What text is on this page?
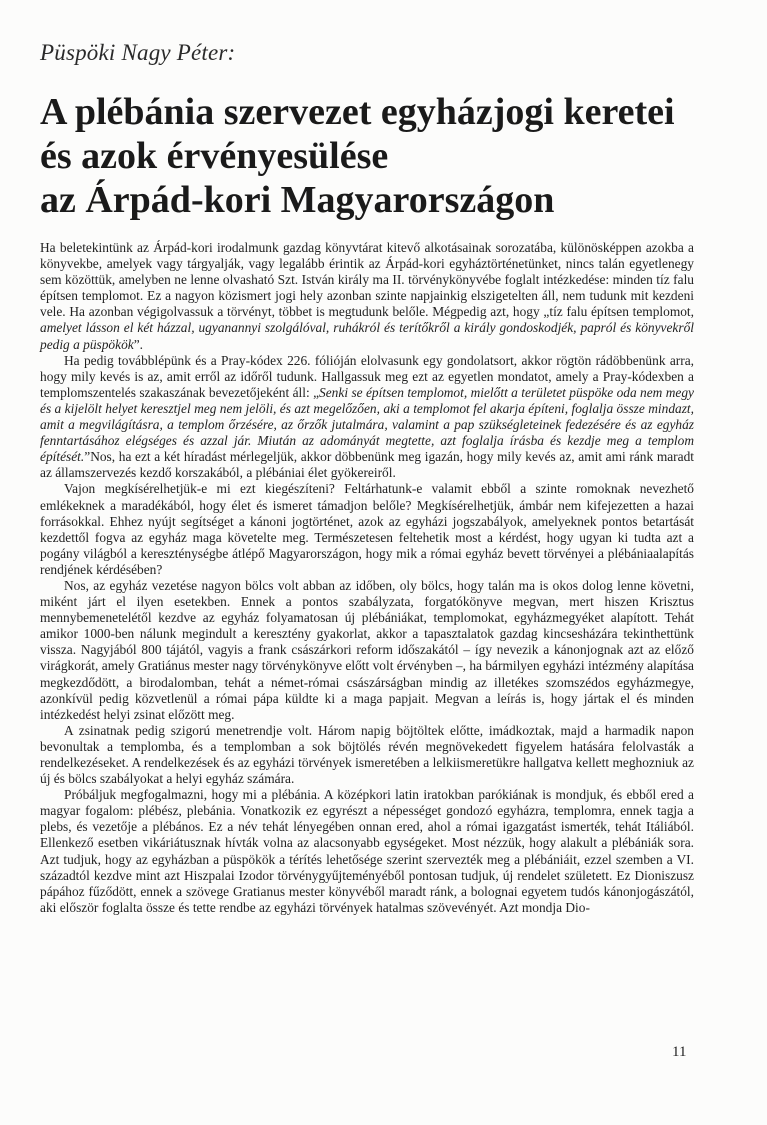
Püspöki Nagy Péter:
A plébánia szervezet egyházjogi keretei
és azok érvényesülése
az Árpád-kori Magyarországon

Ha beletekintünk az Árpád-kori irodalmunk gazdag könyvtárat kitevő alkotásainak sorozatába, különösképpen azokba a könyvekbe, amelyek vagy tárgyalják, vagy legalább érintik az Árpád-kori egyháztörténetünket, nincs talán egyetlenegy sem közöttük, amelyben ne lenne olvasható Szt. István király ma II. törvénykönyvébe foglalt intézkedése: minden tíz falu építsen templomot. Ez a nagyon közismert jogi hely azonban szinte napjainkig elszigetelten áll, nem tudunk mit kezdeni vele. Ha azonban végigolvassuk a törvényt, többet is megtudunk belőle. Mégpedig azt, hogy „tíz falu építsen templomot, amelyet lásson el két házzal, ugyanannyi szolgálóval, ruhákról és terítőkről a király gondoskodjék, papról és könyvekről pedig a püspökök”.

Ha pedig továbblépünk és a Pray-kódex 226. fólióján elolvasunk egy gondolatsort, akkor rögtön rádöbbenünk arra, hogy mily kevés is az, amit erről az időről tudunk. Hallgassuk meg ezt az egyetlen mondatot, amely a Pray-kódexben a templomszentelés szakaszának bevezetőjeként áll: „Senki se építsen templomot, mielőtt a területet püspöke oda nem megy és a kijelölt helyet keresztjel meg nem jelöli, és azt megelőzően, aki a templomot fel akarja építeni, foglalja össze mindazt, amit a megvilágításra, a templom őrzésére, az őrzők jutalmára, valamint a pap szükségleteinek fedezésére és az egyház fenntartásához elégséges és azzal jár. Miután az adományát megtette, azt foglalja írásba és kezdje meg a templom építését.”Nos, ha ezt a két híradást mérlegeljük, akkor döbbenünk meg igazán, hogy mily kevés az, amit ami ránk maradt az államszervezés kezdő korszakából, a plébániai élet gyökereiről.

Vajon megkísérelhetjük-e mi ezt kiegészíteni? Feltárhatunk-e valamit ebből a szinte romoknak nevezhető emlékeknek a maradékából, hogy élet és ismeret támadjon belőle? Megkísérelhetjük, ámbár nem kifejezetten a hazai forrásokkal. Ehhez nyújt segítséget a kánoni jogtörténet, azok az egyházi jogszabályok, amelyeknek pontos betartását kezdettől fogva az egyház maga követelte meg. Természetesen feltehetik most a kérdést, hogy ugyan ki tudta azt a pogány világból a kereszténységbe átlépő Magyarországon, hogy mik a római egyház bevett törvényei a plébániaalapítás rendjének kérdésében?

Nos, az egyház vezetése nagyon bölcs volt abban az időben, oly bölcs, hogy talán ma is okos dolog lenne követni, miként járt el ilyen esetekben. Ennek a pontos szabályzata, forgatókönyve megvan, mert hiszen Krisztus mennybemenetelétől kezdve az egyház folyamatosan új plébániákat, templomokat, egyházmegyéket alapított. Tehát amikor 1000-ben nálunk megindult a keresztény gyakorlat, akkor a tapasztalatok gazdag kincsesházára tekinthettünk vissza. Nagyjából 800 tájától, vagyis a frank császárkori reform időszakától – így nevezik a kánonjognak azt az előző virágkorát, amely Gratiánus mester nagy törvénykönyve előtt volt érvényben –, ha bármilyen egyházi intézmény alapítása megkezdődött, a birodalomban, tehát a német-római császárságban mindig az illetékes szomszédos egyházmegye, azonkívül pedig közvetlenül a római pápa küldte ki a maga papjait. Megvan a leírás is, hogy jártak el és minden intézkedést helyi zsinat előzött meg.

A zsinatnak pedig szigorú menetrendje volt. Három napig böjtöltek előtte, imádkoztak, majd a harmadik napon bevonultak a templomba, és a templomban a sok böjtölés révén megnövekedett figyelem hatására felolvasták a rendelkezéseket. A rendelkezések és az egyházi törvények ismeretében a lelkiismeretükre hallgatva kellett meghozniuk az új és bölcs szabályokat a helyi egyház számára.

Próbáljuk megfogalmazni, hogy mi a plébánia. A középkori latin iratokban parókiának is mondjuk, és ebből ered a magyar fogalom: plébész, plebánia. Vonatkozik ez egyrészt a népességet gondozó egyházra, templomra, ennek tagja a plebs, és vezetője a plébános. Ez a név tehát lényegében onnan ered, ahol a római igazgatást ismerték, tehát Itáliából. Ellenkező esetben vikáriátusznak hívták volna az alacsonyabb egységeket. Most nézzük, hogy alakult a plébániák sora. Azt tudjuk, hogy az egyházban a püspökök a térítés lehetősége szerint szervezték meg a plébániáit, ezzel szemben a VI. századtól kezdve mint azt Hiszpalai Izodor törvénygyűjteményéből pontosan tudjuk, új rendelet született. Ez Dioniszusz pápához fűződött, ennek a szövege Gratianus mester könyvéből maradt ránk, a bolognai egyetem tudós kánonjogászától, aki először foglalta össze és tette rendbe az egyházi törvények hatalmas szövevényét. Azt mondja Dio-

11
